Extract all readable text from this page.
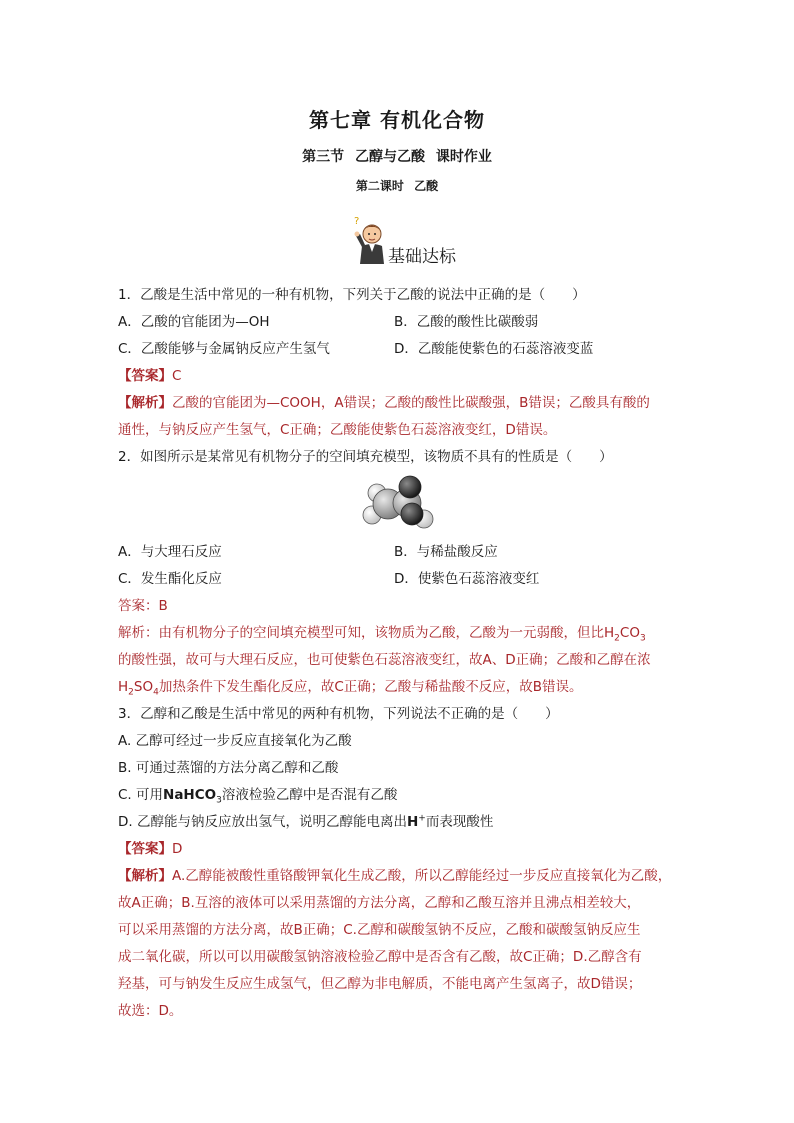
第七章 有机化合物
第三节 乙醇与乙酸 课时作业
第二课时 乙酸
?
基础达标
1．乙酸是生活中常见的一种有机物，下列关于乙酸的说法中正确的是（　　）
A．乙酸的官能团为—OH	B．乙酸的酸性比碳酸弱
C．乙酸能够与金属钠反应产生氢气	D．乙酸能使紫色的石蕊溶液变蓝
【答案】C
【解析】乙酸的官能团为—COOH，A错误；乙酸的酸性比碳酸强，B错误；乙酸具有酸的
通性，与钠反应产生氢气，C正确；乙酸能使紫色石蕊溶液变红，D错误。
2．如图所示是某常见有机物分子的空间填充模型，该物质不具有的性质是（　　）
A．与大理石反应	B．与稀盐酸反应
C．发生酯化反应	D．使紫色石蕊溶液变红
答案：B
解析：由有机物分子的空间填充模型可知，该物质为乙酸，乙酸为一元弱酸，但比$H_2CO_3$
的酸性强，故可与大理石反应，也可使紫色石蕊溶液变红，故A、D正确；乙酸和乙醇在浓
$H_2SO_4$加热条件下发生酯化反应，故C正确；乙酸与稀盐酸不反应，故B错误。
3．乙醇和乙酸是生活中常见的两种有机物，下列说法不正确的是（　　）
A. 乙醇可经过一步反应直接氧化为乙酸
B. 可通过蒸馏的方法分离乙醇和乙酸
C. 可用NaHCO$_3$溶液检验乙醇中是否混有乙酸
D. 乙醇能与钠反应放出氢气，说明乙醇能电离出H+而表现酸性
【答案】D
【解析】A.乙醇能被酸性重铬酸钾氧化生成乙酸，所以乙醇能经过一步反应直接氧化为乙酸，
故A正确；B.互溶的液体可以采用蒸馏的方法分离，乙醇和乙酸互溶并且沸点相差较大，
可以采用蒸馏的方法分离，故B正确；C.乙醇和碳酸氢钠不反应，乙酸和碳酸氢钠反应生
成二氧化碳，所以可以用碳酸氢钠溶液检验乙醇中是否含有乙酸，故C正确；D.乙醇含有
羟基，可与钠发生反应生成氢气，但乙醇为非电解质，不能电离产生氢离子，故D错误；
故选：D。
